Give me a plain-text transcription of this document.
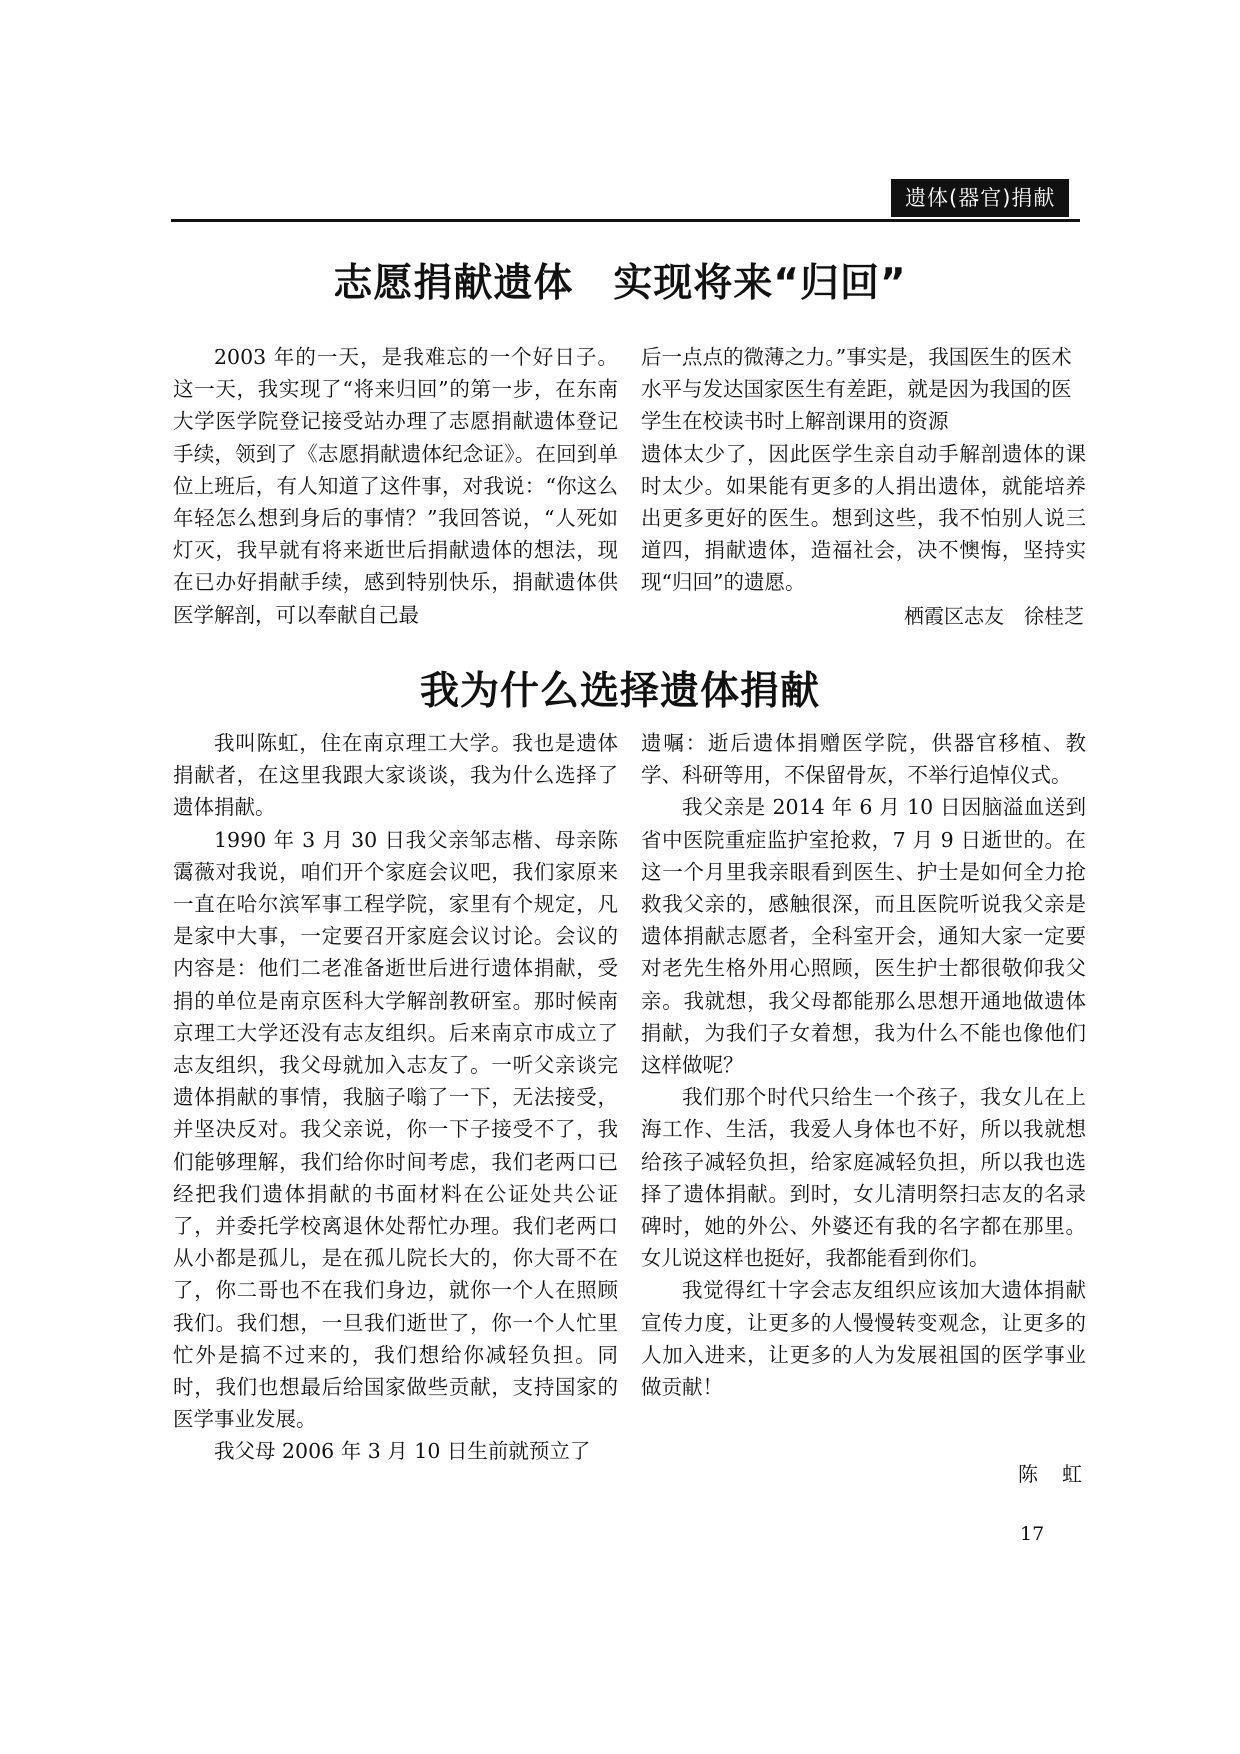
遗体(器官)捐献
志愿捐献遗体　实现将来“归回”

2003 年的一天，是我难忘的一个好日子。这一天，我实现了“将来归回”的第一步，在东南大学医学院登记接受站办理了志愿捐献遗体登记手续，领到了《志愿捐献遗体纪念证》。在回到单位上班后，有人知道了这件事，对我说：“你这么年轻怎么想到身后的事情？”我回答说，“人死如灯灭，我早就有将来逝世后捐献遗体的想法，现在已办好捐献手续，感到特别快乐，捐献遗体供医学解剖，可以奉献自己最

后一点点的微薄之力。”事实是，我国医生的医术水平与发达国家医生有差距，就是因为我国的医学生在校读书时上解剖课用的资源

遗体太少了，因此医学生亲自动手解剖遗体的课时太少。如果能有更多的人捐出遗体，就能培养出更多更好的医生。想到这些，我不怕别人说三道四，捐献遗体，造福社会，决不懊悔，坚持实现“归回”的遗愿。

栖霞区志友　徐桂芝
我为什么选择遗体捐献

我叫陈虹，住在南京理工大学。我也是遗体捐献者，在这里我跟大家谈谈，我为什么选择了遗体捐献。

1990 年 3 月 30 日我父亲邹志楷、母亲陈霭薇对我说，咱们开个家庭会议吧，我们家原来一直在哈尔滨军事工程学院，家里有个规定，凡是家中大事，一定要召开家庭会议讨论。会议的内容是：他们二老准备逝世后进行遗体捐献，受捐的单位是南京医科大学解剖教研室。那时候南京理工大学还没有志友组织。后来南京市成立了志友组织，我父母就加入志友了。一听父亲谈完遗体捐献的事情，我脑子嗡了一下，无法接受，并坚决反对。我父亲说，你一下子接受不了，我们能够理解，我们给你时间考虑，我们老两口已经把我们遗体捐献的书面材料在公证处共公证了，并委托学校离退休处帮忙办理。我们老两口从小都是孤儿，是在孤儿院长大的，你大哥不在了，你二哥也不在我们身边，就你一个人在照顾我们。我们想，一旦我们逝世了，你一个人忙里忙外是搞不过来的，我们想给你减轻负担。同时，我们也想最后给国家做些贡献，支持国家的医学事业发展。

我父母 2006 年 3 月 10 日生前就预立了

遗嘱：逝后遗体捐赠医学院，供器官移植、教学、科研等用，不保留骨灰，不举行追悼仪式。

我父亲是 2014 年 6 月 10 日因脑溢血送到省中医院重症监护室抢救，7 月 9 日逝世的。在这一个月里我亲眼看到医生、护士是如何全力抢救我父亲的，感触很深，而且医院听说我父亲是遗体捐献志愿者，全科室开会，通知大家一定要对老先生格外用心照顾，医生护士都很敬仰我父亲。我就想，我父母都能那么思想开通地做遗体捐献，为我们子女着想，我为什么不能也像他们这样做呢？

我们那个时代只给生一个孩子，我女儿在上海工作、生活，我爱人身体也不好，所以我就想给孩子减轻负担，给家庭减轻负担，所以我也选择了遗体捐献。到时，女儿清明祭扫志友的名录碑时，她的外公、外婆还有我的名字都在那里。女儿说这样也挺好，我都能看到你们。

我觉得红十字会志友组织应该加大遗体捐献宣传力度，让更多的人慢慢转变观念，让更多的人加入进来，让更多的人为发展祖国的医学事业做贡献！

陈　虹
17
